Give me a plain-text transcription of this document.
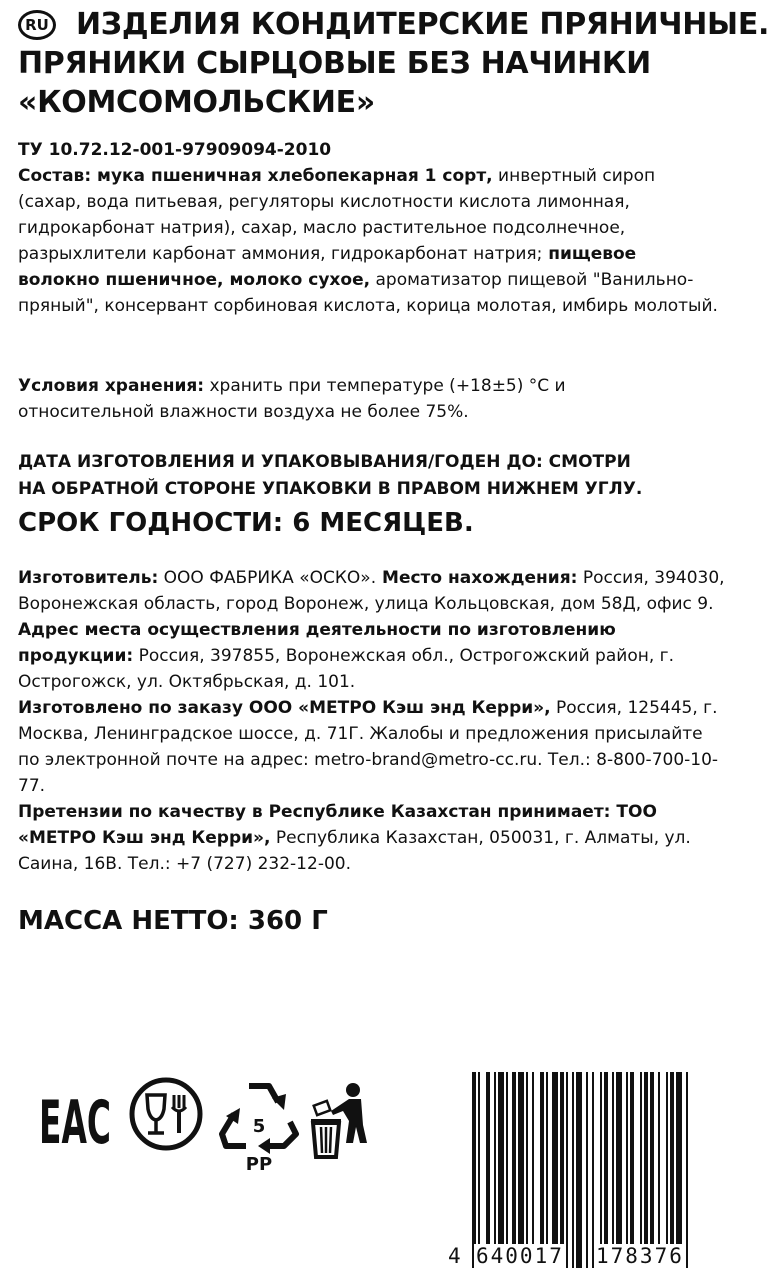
RU ИЗДЕЛИЯ КОНДИТЕРСКИЕ ПРЯНИЧНЫЕ.
ПРЯНИКИ СЫРЦОВЫЕ БЕЗ НАЧИНКИ
«КОМСОМОЛЬСКИЕ»
ТУ 10.72.12-001-97909094-2010
Состав: мука пшеничная хлебопекарная 1 сорт, инвертный сироп (сахар, вода питьевая, регуляторы кислотности кислота лимонная, гидрокарбонат натрия), сахар, масло растительное подсолнечное, разрыхлители карбонат аммония, гидрокарбонат натрия; пищевое волокно пшеничное, молоко сухое, ароматизатор пищевой "Ванильно-пряный", консервант сорбиновая кислота, корица молотая, имбирь молотый.
Условия хранения: хранить при температуре (+18±5) °С и относительной влажности воздуха не более 75%.
ДАТА ИЗГОТОВЛЕНИЯ И УПАКОВЫВАНИЯ/ГОДЕН ДО: СМОТРИ
НА ОБРАТНОЙ СТОРОНЕ УПАКОВКИ В ПРАВОМ НИЖНЕМ УГЛУ.
СРОК ГОДНОСТИ: 6 МЕСЯЦЕВ.
Изготовитель: ООО ФАБРИКА «ОСКО». Место нахождения: Россия, 394030, Воронежская область, город Воронеж, улица Кольцовская, дом 58Д, офис 9. Адрес места осуществления деятельности по изготовлению продукции: Россия, 397855, Воронежская обл., Острогожский район, г. Острогожск, ул. Октябрьская, д. 101.
Изготовлено по заказу ООО «МЕТРО Кэш энд Керри», Россия, 125445, г. Москва, Ленинградское шоссе, д. 71Г. Жалобы и предложения присылайте по электронной почте на адрес: metro-brand@metro-cc.ru. Тел.: 8-800-700-10-77.
Претензии по качеству в Республике Казахстан принимает: ТОО «МЕТРО Кэш энд Керри», Республика Казахстан, 050031, г. Алматы, ул. Саина, 16В. Тел.: +7 (727) 232-12-00.
МАССА НЕТТО: 360 Г
ЕАС	5
PP
4 640017 178376
